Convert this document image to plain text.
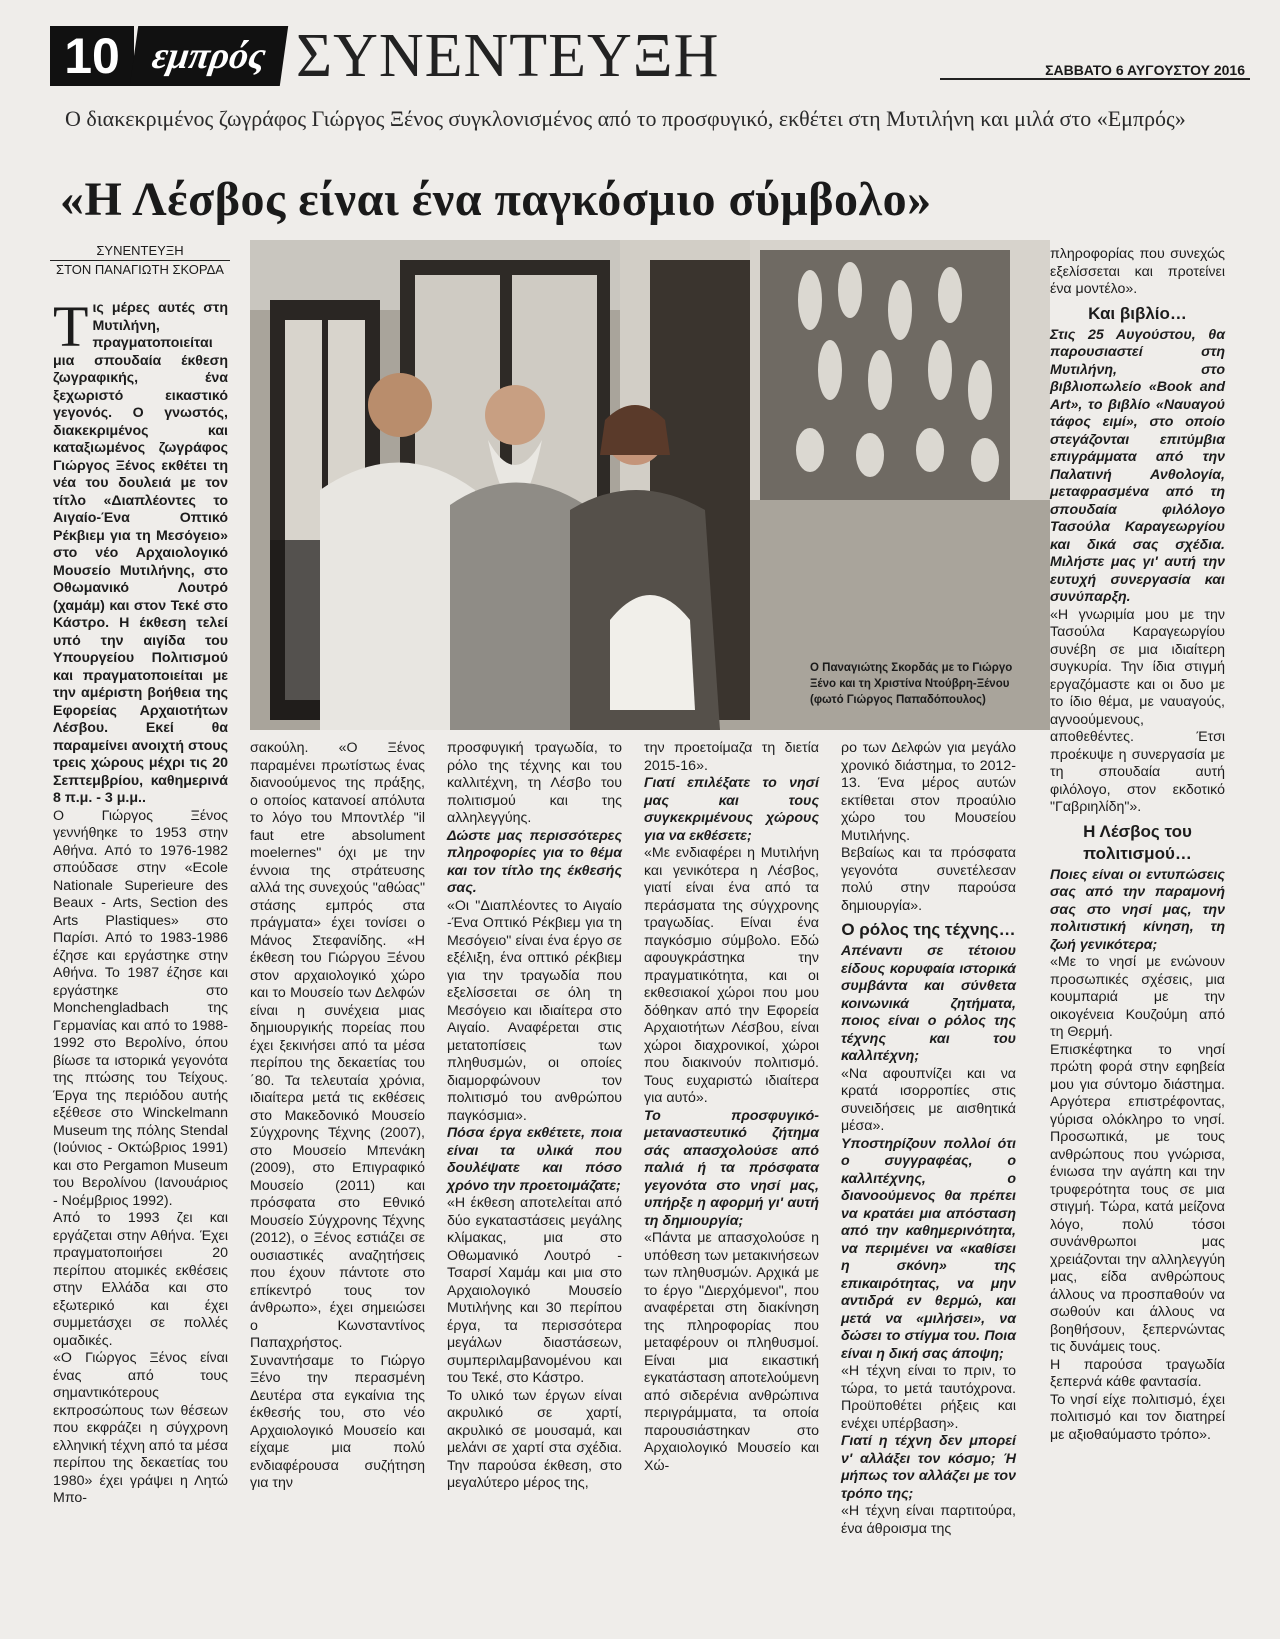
10 εμπρός ΣΥΝΕΝΤΕΥΞΗ	ΣΑΒΒΑΤΟ 6 ΑΥΓΟΥΣΤΟΥ 2016
Ο διακεκριμένος ζωγράφος Γιώργος Ξένος συγκλονισμένος από το προσφυγικό, εκθέτει στη Μυτιλήνη και μιλά στο «Εμπρός»
«Η Λέσβος είναι ένα παγκόσμιο σύμβολο»
ΣΥΝΕΝΤΕΥΞΗ
ΣΤΟΝ ΠΑΝΑΓΙΩΤΗ ΣΚΟΡΔΑ
Ο Παναγιώτης Σκορδάς με το Γιώργο Ξένο και τη Χριστίνα Ντούβρη-Ξένου (φωτό Γιώργος Παπαδόπουλος)

Τις μέρες αυτές στη Μυτιλήνη, πραγματοποιείται μια σπουδαία έκθεση ζωγραφικής, ένα ξεχωριστό εικαστικό γεγονός. Ο γνωστός, διακεκριμένος και καταξιωμένος ζωγράφος Γιώργος Ξένος εκθέτει τη νέα του δουλειά με τον τίτλο «Διαπλέοντες το Αιγαίο-Ένα Οπτικό Ρέκβιεμ για τη Μεσόγειο» στο νέο Αρχαιολογικό Μουσείο Μυτιλήνης, στο Οθωμανικό Λουτρό (χαμάμ) και στον Τεκέ στο Κάστρο. Η έκθεση τελεί υπό την αιγίδα του Υπουργείου Πολιτισμού και πραγματοποιείται με την αμέριστη βοήθεια της Εφορείας Αρχαιοτήτων Λέσβου. Εκεί θα παραμείνει ανοιχτή στους τρεις χώρους μέχρι τις 20 Σεπτεμβρίου, καθημερινά 8 π.μ. - 3 μ.μ..

Ο Γιώργος Ξένος γεννήθηκε το 1953 στην Αθήνα. Από το 1976-1982 σπούδασε στην «Ecole Nationale Superieure des Beaux - Arts, Section des Arts Plastiques» στο Παρίσι. Από το 1983-1986 έζησε και εργάστηκε στην Αθήνα. Το 1987 έζησε και εργάστηκε στο Monchengladbach της Γερμανίας και από το 1988-1992 στο Βερολίνο, όπου βίωσε τα ιστορικά γεγονότα της πτώσης του Τείχους. Έργα της περιόδου αυτής εξέθεσε στο Winckelmann Museum της πόλης Stendal (Ιούνιος - Οκτώβριος 1991) και στο Pergamon Museum του Βερολίνου (Ιανουάριος - Νοέμβριος 1992).

Από το 1993 ζει και εργάζεται στην Αθήνα. Έχει πραγματοποιήσει 20 περίπου ατομικές εκθέσεις στην Ελλάδα και στο εξωτερικό και έχει συμμετάσχει σε πολλές ομαδικές.

«Ο Γιώργος Ξένος είναι ένας από τους σημαντικότερους εκπροσώπους των θέσεων που εκφράζει η σύγχρονη ελληνική τέχνη από τα μέσα περίπου της δεκαετίας του 1980» έχει γράψει η Λητώ Μπο-

σακούλη. «Ο Ξένος παραμένει πρωτίστως ένας διανοούμενος της πράξης, ο οποίος κατανοεί απόλυτα το λόγο του Μποντλέρ "il faut etre absolument moelernes" όχι με την έννοια της στράτευσης αλλά της συνεχούς "αθώας" στάσης εμπρός στα πράγματα» έχει τονίσει ο Μάνος Στεφανίδης. «Η έκθεση του Γιώργου Ξένου στον αρχαιολογικό χώρο και το Μουσείο των Δελφών είναι η συνέχεια μιας δημιουργικής πορείας που έχει ξεκινήσει από τα μέσα περίπου της δεκαετίας του ΄80. Τα τελευταία χρόνια, ιδιαίτερα μετά τις εκθέσεις στο Μακεδονικό Μουσείο Σύγχρονης Τέχνης (2007), στο Μουσείο Μπενάκη (2009), στο Επιγραφικό Μουσείο (2011) και πρόσφατα στο Εθνικό Μουσείο Σύγχρονης Τέχνης (2012), ο Ξένος εστιάζει σε ουσιαστικές αναζητήσεις που έχουν πάντοτε στο επίκεντρό τους τον άνθρωπο», έχει σημειώσει ο Κωνσταντίνος Παπαχρήστος.

Συναντήσαμε το Γιώργο Ξένο την περασμένη Δευτέρα στα εγκαίνια της έκθεσής του, στο νέο Αρχαιολογικό Μουσείο και είχαμε μια πολύ ενδιαφέρουσα συζήτηση για την

προσφυγική τραγωδία, το ρόλο της τέχνης και του καλλιτέχνη, τη Λέσβο του πολιτισμού και της αλληλεγγύης.

Δώστε μας περισσότερες πληροφορίες για το θέμα και τον τίτλο της έκθεσής σας.

«Οι "Διαπλέοντες το Αιγαίο -Ένα Οπτικό Ρέκβιεμ για τη Μεσόγειο" είναι ένα έργο σε εξέλιξη, ένα οπτικό ρέκβιεμ για την τραγωδία που εξελίσσεται σε όλη τη Μεσόγειο και ιδιαίτερα στο Αιγαίο. Αναφέρεται στις μετατοπίσεις των πληθυσμών, οι οποίες διαμορφώνουν τον πολιτισμό του ανθρώπου παγκόσμια».

Πόσα έργα εκθέτετε, ποια είναι τα υλικά που δουλέψατε και πόσο χρόνο την προετοιμάζατε;

«Η έκθεση αποτελείται από δύο εγκαταστάσεις μεγάλης κλίμακας, μια στο Οθωμανικό Λουτρό - Τσαρσί Χαμάμ και μια στο Αρχαιολογικό Μουσείο Μυτιλήνης και 30 περίπου έργα, τα περισσότερα μεγάλων διαστάσεων, συμπεριλαμβανομένου και του Τεκέ, στο Κάστρο.

Το υλικό των έργων είναι ακρυλικό σε χαρτί, ακρυλικό σε μουσαμά, και μελάνι σε χαρτί στα σχέδια. Την παρούσα έκθεση, στο μεγαλύτερο μέρος της,

την προετοίμαζα τη διετία 2015-16».

Γιατί επιλέξατε το νησί μας και τους συγκεκριμένους χώρους για να εκθέσετε;

«Με ενδιαφέρει η Μυτιλήνη και γενικότερα η Λέσβος, γιατί είναι ένα από τα περάσματα της σύγχρονης τραγωδίας. Είναι ένα παγκόσμιο σύμβολο. Εδώ αφουγκράστηκα την πραγματικότητα, και οι εκθεσιακοί χώροι που μου δόθηκαν από την Εφορεία Αρχαιοτήτων Λέσβου, είναι χώροι διαχρονικοί, χώροι που διακινούν πολιτισμό. Τους ευχαριστώ ιδιαίτερα για αυτό».

Το προσφυγικό-μεταναστευτικό ζήτημα σάς απασχολούσε από παλιά ή τα πρόσφατα γεγονότα στο νησί μας, υπήρξε η αφορμή γι' αυτή τη δημιουργία;

«Πάντα με απασχολούσε η υπόθεση των μετακινήσεων των πληθυσμών. Αρχικά με το έργο "Διερχόμενοι", που αναφέρεται στη διακίνηση της πληροφορίας που μεταφέρουν οι πληθυσμοί. Είναι μια εικαστική εγκατάσταση αποτελούμενη από σιδερένια ανθρώπινα περιγράμματα, τα οποία παρουσιάστηκαν στο Αρχαιολογικό Μουσείο και Χώ-

ρο των Δελφών για μεγάλο χρονικό διάστημα, το 2012- 13. Ένα μέρος αυτών εκτίθεται στον προαύλιο χώρο του Μουσείου Μυτιλήνης.

Βεβαίως και τα πρόσφατα γεγονότα συνετέλεσαν πολύ στην παρούσα δημιουργία».

Ο ρόλος της τέχνης…

Απέναντι σε τέτοιου είδους κορυφαία ιστορικά συμβάντα και σύνθετα κοινωνικά ζητήματα, ποιος είναι ο ρόλος της τέχνης και του καλλιτέχνη;

«Να αφουπνίζει και να κρατά ισορροπίες στις συνειδήσεις με αισθητικά μέσα».

Υποστηρίζουν πολλοί ότι ο συγγραφέας, ο καλλιτέχνης, ο διανοούμενος θα πρέπει να κρατάει μια απόσταση από την καθημερινότητα, να περιμένει να «καθίσει η σκόνη» της επικαιρότητας, να μην αντιδρά εν θερμώ, και μετά να «μιλήσει», να δώσει το στίγμα του. Ποια είναι η δική σας άποψη;

«Η τέχνη είναι το πριν, το τώρα, το μετά ταυτόχρονα. Προϋποθέτει ρήξεις και ενέχει υπέρβαση».

Γιατί η τέχνη δεν μπορεί ν' αλλάξει τον κόσμο; Ή μήπως τον αλλάζει με τον τρόπο της;

«Η τέχνη είναι παρτιτούρα, ένα άθροισμα της

πληροφορίας που συνεχώς εξελίσσεται και προτείνει ένα μοντέλο».

Και βιβλίο…

Στις 25 Αυγούστου, θα παρουσιαστεί στη Μυτιλήνη, στο βιβλιοπωλείο «Book and Art», το βιβλίο «Ναυαγού τάφος ειμί», στο οποίο στεγάζονται επιτύμβια επιγράμματα από την Παλατινή Ανθολογία, μεταφρασμένα από τη σπουδαία φιλόλογο Τασούλα Καραγεωργίου και δικά σας σχέδια. Μιλήστε μας γι' αυτή την ευτυχή συνεργασία και συνύπαρξη.

«Η γνωριμία μου με την Τασούλα Καραγεωργίου συνέβη σε μια ιδιαίτερη συγκυρία. Την ίδια στιγμή εργαζόμαστε και οι δυο με το ίδιο θέμα, με ναυαγούς, αγνοούμενους, αποθεθέντες. Έτσι προέκυψε η συνεργασία με τη σπουδαία αυτή φιλόλογο, στον εκδοτικό "Γαβριηλίδη"».

Η Λέσβος του πολιτισμού…

Ποιες είναι οι εντυπώσεις σας από την παραμονή σας στο νησί μας, την πολιτιστική κίνηση, τη ζωή γενικότερα;

«Με το νησί με ενώνουν προσωπικές σχέσεις, μια κουμπαριά με την οικογένεια Κουζούμη από τη Θερμή.

Επισκέφτηκα το νησί πρώτη φορά στην εφηβεία μου για σύντομο διάστημα. Αργότερα επιστρέφοντας, γύρισα ολόκληρο το νησί. Προσωπικά, με τους ανθρώπους που γνώρισα, ένιωσα την αγάπη και την τρυφερότητα τους σε μια στιγμή. Τώρα, κατά μείζονα λόγο, πολύ τόσοι συνάνθρωποι μας χρειάζονται την αλληλεγγύη μας, είδα ανθρώπους άλλους να προσπαθούν να σωθούν και άλλους να βοηθήσουν, ξεπερνώντας τις δυνάμεις τους.

Η παρούσα τραγωδία ξεπερνά κάθε φαντασία.

Το νησί είχε πολιτισμό, έχει πολιτισμό και τον διατηρεί με αξιοθαύμαστο τρόπο».
